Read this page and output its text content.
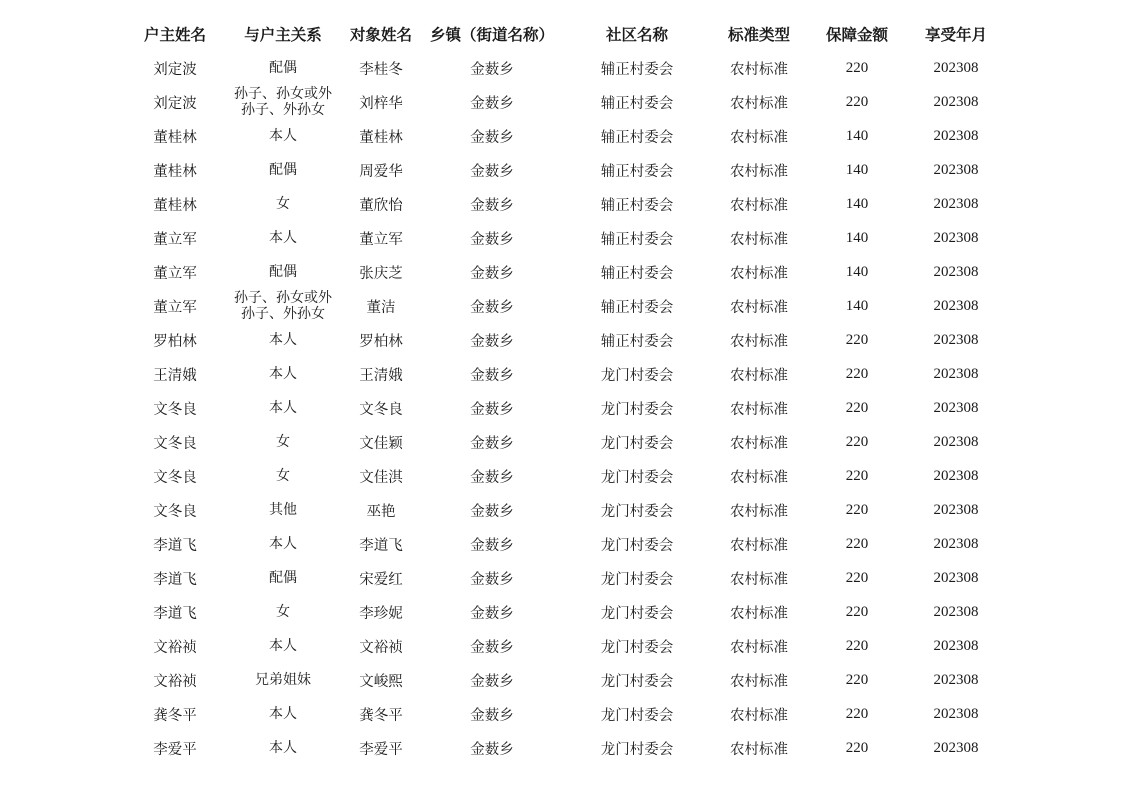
户主姓名	与户主关系	对象姓名	乡镇（街道名称）	社区名称	标准类型	保障金额	享受年月
刘定波	配偶	李桂冬	金薮乡	辅正村委会	农村标准	220	202308
刘定波	孙子、孙女或外孙子、外孙女	刘梓华	金薮乡	辅正村委会	农村标准	220	202308
董桂林	本人	董桂林	金薮乡	辅正村委会	农村标准	140	202308
董桂林	配偶	周爱华	金薮乡	辅正村委会	农村标准	140	202308
董桂林	女	董欣怡	金薮乡	辅正村委会	农村标准	140	202308
董立军	本人	董立军	金薮乡	辅正村委会	农村标准	140	202308
董立军	配偶	张庆芝	金薮乡	辅正村委会	农村标准	140	202308
董立军	孙子、孙女或外孙子、外孙女	董洁	金薮乡	辅正村委会	农村标准	140	202308
罗柏林	本人	罗柏林	金薮乡	辅正村委会	农村标准	220	202308
王清娥	本人	王清娥	金薮乡	龙门村委会	农村标准	220	202308
文冬良	本人	文冬良	金薮乡	龙门村委会	农村标准	220	202308
文冬良	女	文佳颖	金薮乡	龙门村委会	农村标准	220	202308
文冬良	女	文佳淇	金薮乡	龙门村委会	农村标准	220	202308
文冬良	其他	巫艳	金薮乡	龙门村委会	农村标准	220	202308
李道飞	本人	李道飞	金薮乡	龙门村委会	农村标准	220	202308
李道飞	配偶	宋爱红	金薮乡	龙门村委会	农村标准	220	202308
李道飞	女	李珍妮	金薮乡	龙门村委会	农村标准	220	202308
文裕祯	本人	文裕祯	金薮乡	龙门村委会	农村标准	220	202308
文裕祯	兄弟姐妹	文峻熙	金薮乡	龙门村委会	农村标准	220	202308
龚冬平	本人	龚冬平	金薮乡	龙门村委会	农村标准	220	202308
李爱平	本人	李爱平	金薮乡	龙门村委会	农村标准	220	202308
